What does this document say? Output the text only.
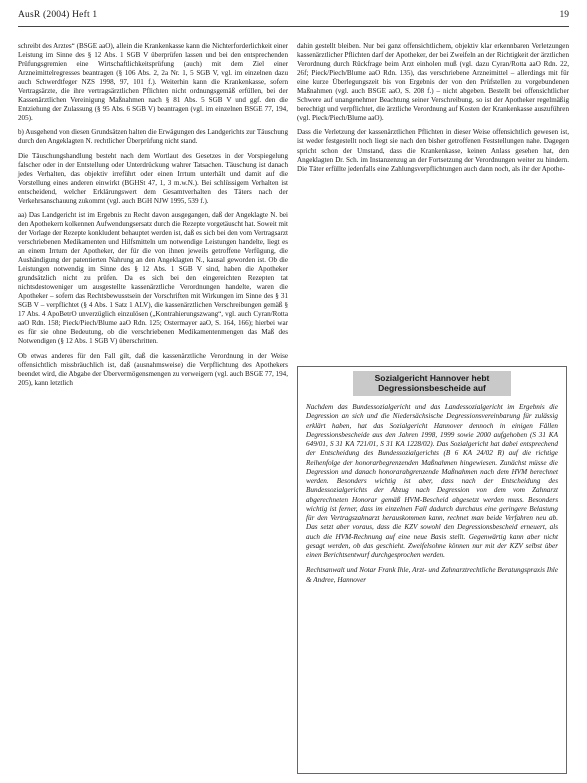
AusR (2004) Heft 1	19

schreibt des Arztes“ (BSGE aaO), allein die Krankenkasse kann die Nichterforderlichkeit einer Leistung im Sinne des § 12 Abs. 1 SGB V überprüfen lassen und bei den entsprechenden Prüfungsgremien eine Wirtschaftlichkeitsprüfung (auch) mit dem Ziel einer Arzneimittelregresses beantragen (§ 106 Abs. 2, 2a Nr. 1, 5 SGB V, vgl. im einzelnen dazu auch Schwerdtfeger NZS 1998, 97, 101 f.). Weiterhin kann die Krankenkasse, sofern Vertragsärzte, die ihre vertragsärztlichen Pflichten nicht ordnungsgemäß erfüllen, bei der Kassenärztlichen Vereinigung Maßnahmen nach § 81 Abs. 5 SGB V und ggf. den die Entziehung der Zulassung (§ 95 Abs. 6 SGB V) beantragen (vgl. im einzelnen BSGE 77, 194, 205).

b) Ausgehend von diesen Grundsätzen halten die Erwägungen des Landgerichts zur Täuschung durch den Angeklagten N. rechtlicher Überprüfung nicht stand.

Die Täuschungshandlung besteht nach dem Wortlaut des Gesetzes in der Vorspiegelung falscher oder in der Entstellung oder Unterdrückung wahrer Tatsachen. Täuschung ist danach jedes Verhalten, das objektiv irreführt oder einen Irrtum unterhält und damit auf die Vorstellung eines anderen einwirkt (BGHSt 47, 1, 3 m.w.N.). Bei schlüssigem Verhalten ist entscheidend, welcher Erklärungswert dem Gesamtverhalten des Täters nach der Verkehrsanschauung zukommt (vgl. auch BGH NJW 1995, 539 f.).

aa) Das Landgericht ist im Ergebnis zu Recht davon ausgegangen, daß der Angeklagte N. bei den Apothekern kolkennen Aufwendungsersatz durch die Rezepte vorgetäuscht hat. Soweit mit der Vorlage der Rezepte konkludent behauptet werden ist, daß es sich bei den vom Vertragsarzt verschriebenen Medikamenten und Hilfsmitteln um notwendige Leistungen handelte, liegt es an einem Irrtum der Apotheker, der für die von ihnen jeweils getroffene Verfügung, die Aushändigung der patentierten Nahrung an den Angeklagten N., kausal geworden ist. Ob die Leistungen notwendig im Sinne des § 12 Abs. 1 SGB V sind, haben die Apotheker grundsätzlich nicht zu prüfen. Da es sich bei den eingereichten Rezepten tat nichtsdestoweniger um ausgestellte kassenärztliche Verordnungen handelte, waren die Apotheker – sofern das Rechtsbewusstsein der Vorschriften mit Wirkungen im Sinne des § 31 SGB V – verpflichtet (§ 4 Abs. 1 Satz 1 ALV), die kassenärztlichen Verschreibungen gemäß § 17 Abs. 4 ApoBetrO unverzüglich einzulösen („Kontrahierungszwang“, vgl. auch Cyran/Rotta aaO Rdn. 158; Pieck/Piech/Blume aaO Rdn. 125; Ostermayer aaO, S. 164, 166); hierbei war es für sie ohne Bedeutung, ob die verschriebenen Medikamentenmengen das Maß des Notwendigen (§ 12 Abs. 1 SGB V) überschritten.

Ob etwas anderes für den Fall gilt, daß die kassenärztliche Verordnung in der Weise offensichtlich missbräuchlich ist, daß (ausnahmsweise) die Verpflichtung des Apothekers beendet wird, die Abgabe der Übervermögensmengen zu verweigern (vgl. auch BSGE 77, 194, 205), kann letztlich

dahin gestellt bleiben. Nur bei ganz offensichtlichem, objektiv klar erkennbaren Verletzungen kassenärztlicher Pflichten darf der Apotheker, der bei Zweifeln an der Richtigkeit der ärztlichen Verordnung durch Rückfrage beim Arzt einholen muß (vgl. dazu Cyran/Rotta aaO Rdn. 22, 26f; Pieck/Piech/Blume aaO Rdn. 135), das verschriebene Arzneimittel – allerdings mit für eine kurze Überlegungszeit bis von Ergebnis der von den Prüfstellen zu vorgebundenen Maßnahmen (vgl. auch BSGE aaO, S. 208 f.) – nicht abgeben. Bestellt bei offensichtlicher Schwere auf unangenehmer Beachtung seiner Verschreibung, so ist der Apotheker regelmäßig berechtigt und verpflichtet, die ärztliche Verordnung auf Kosten der Krankenkasse auszuführen (vgl. Pieck/Piech/Blume aaO).

Dass die Verletzung der kassenärztlichen Pflichten in dieser Weise offensichtlich gewesen ist, ist weder festgestellt noch liegt sie nach den bisher getroffenen Feststellungen nahe. Dagegen spricht schon der Umstand, dass die Krankenkasse, keinen Anlass gesehen hat, den Angeklagten Dr. Sch. im Instanzenzug an der Fortsetzung der Verordnungen weiter zu hindern. Die Täter erfüllte jedenfalls eine Zahlungsverpflichtungen auch dann noch, als ihr der Apothe-

Sozialgericht Hannover hebt
Degressionsbescheide auf

Nachdem das Bundessozialgericht und das Landessozialgericht im Ergebnis die Degression an sich und die Niedersächsische Degressionsvereinbarung für zulässig erklärt haben, hat das Sozialgericht Hannover dennoch in einigen Fällen Degressionsbescheide aus den Jahren 1998, 1999 sowie 2000 aufgehoben (S 31 KA 649/01, S 31 KA 721/01, S 31 KA 1228/02). Das Sozialgericht hat dabei entsprechend der Entscheidung des Bundessozialgerichts (B 6 KA 24/02 R) auf die richtige Reihenfolge der honorarbegrenzenden Maßnahmen hingewiesen. Zunächst müsse die Degression und danach honorarabgrenzende Maßnahmen nach dem HVM berechnet werden. Besonders wichtig ist aber, dass nach der Entscheidung des Bundessozialgerichts der Abzug nach Degression von dem vom Zahnarzt abgerechneten Honorar gemäß HVM-Bescheid abgesetzt werden muss. Besonders wichtig ist ferner, dass im einzelnen Fall dadurch durchaus eine geringere Belastung für den Vertragszahnarzt herauskommen kann, rechnet man beide Verfahren neu ab. Das setzt aber voraus, dass die KZV sowohl den Degressionsbescheid erneuert, als auch die HVM-Rechnung auf eine neue Basis stellt. Gegenwärtig kann aber nicht gesagt werden, ob das geschieht. Zweifelsohne können nur mit der KZV selbst über einen Berichtsentwurf durchgesprochen werden.

Rechtsanwalt und Notar Frank Ihle, Arzt- und Zahnarztrechtliche Beratungspraxis Ihle & Andree, Hannover
